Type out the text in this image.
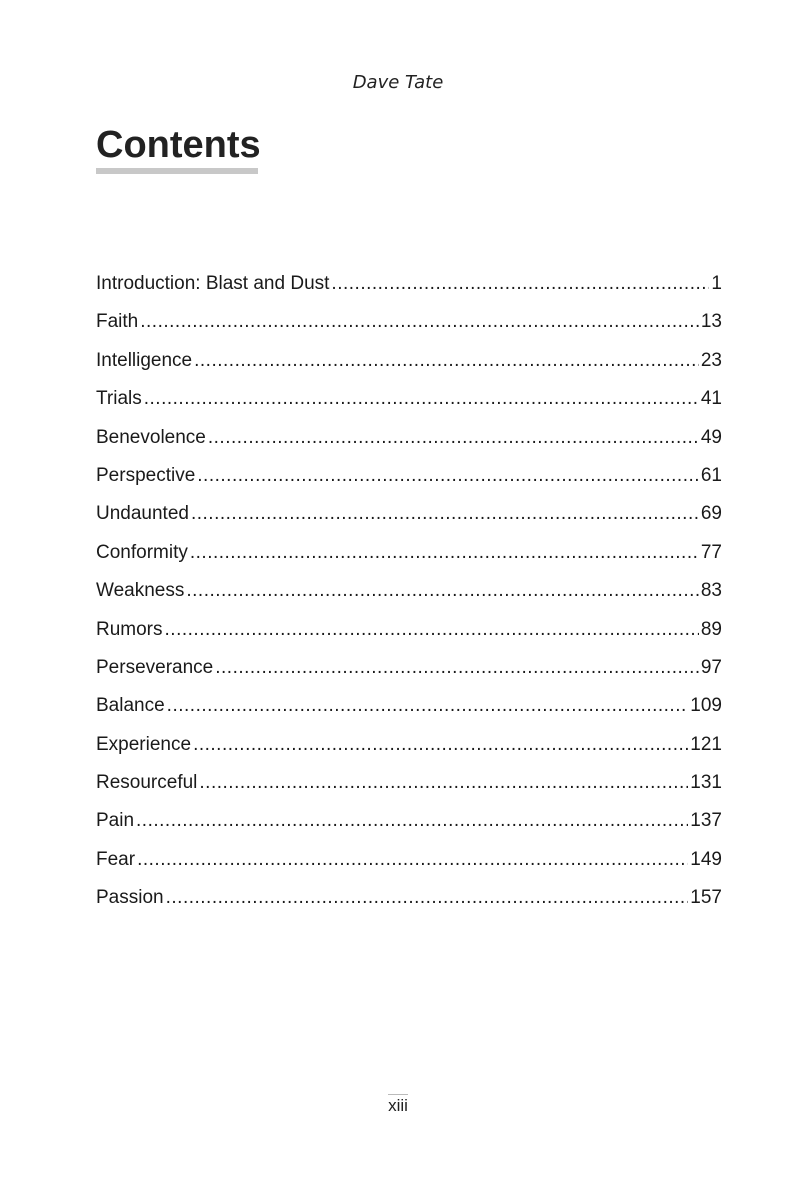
Dave Tate
Contents
Introduction: Blast and Dust .....	1
Faith .....	13
Intelligence .....	23
Trials .....	41
Benevolence .....	49
Perspective .....	61
Undaunted .....	69
Conformity .....	77
Weakness .....	83
Rumors .....	89
Perseverance .....	97
Balance .....	109
Experience .....	121
Resourceful .....	131
Pain .....	137
Fear .....	149
Passion .....	157
xiii
